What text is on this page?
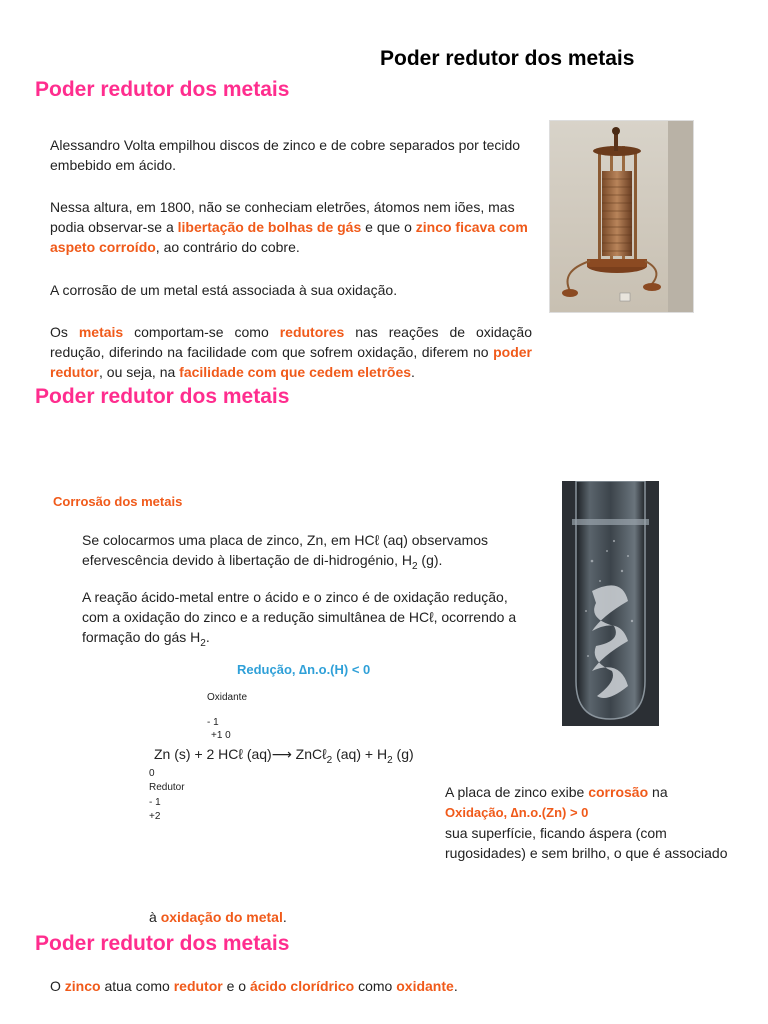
Poder redutor dos metais
Poder redutor dos metais
Alessandro Volta empilhou discos de zinco e de cobre separados por tecido embebido em ácido.
Nessa altura, em 1800, não se conheciam eletrões, átomos nem iões, mas podia observar-se a libertação de bolhas de gás e que o zinco ficava com aspeto corroído, ao contrário do cobre.
A corrosão de um metal está associada à sua oxidação.
Os metais comportam-se como redutores nas reações de oxidação redução, diferindo na facilidade com que sofrem oxidação, diferem no poder redutor, ou seja, na facilidade com que cedem eletrões.
Poder redutor dos metais
Corrosão dos metais
Se colocarmos uma placa de zinco, Zn, em HCℓ (aq) observamos efervescência devido à libertação de di-hidrogénio, $H_2$ (g).
A reação ácido-metal entre o ácido e o zinco é de oxidação redução, com a oxidação do zinco e a redução simultânea de HCℓ, ocorrendo a formação do gás $H_2$.
Redução, ∆n.o.(H) < 0
Oxidante
- 1
+1 0
Zn (s) + 2 HCℓ (aq)⟶ ZnCℓ$_2$ $(aq) + H_2$ (g)
0
Redutor
- 1
+2
A placa de zinco exibe corrosão na
Oxidação, ∆n.o.(Zn) > 0
sua superfície, ficando áspera (com rugosidades) e sem brilho, o que é associado
à oxidação do metal.
Poder redutor dos metais
O zinco atua como redutor e o ácido clorídrico como oxidante.
